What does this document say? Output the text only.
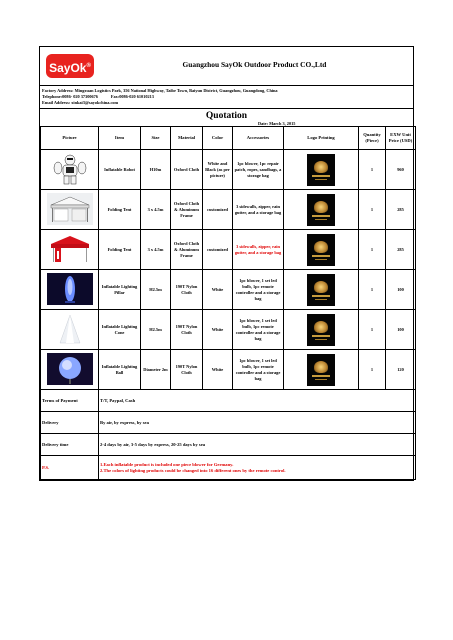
SayOk®	Guangzhou SayOk Outdoor Product CO.,Ltd
Factory Address: Mingxuan Logistics Park, 356 National Highway, Taibe Town, Baiyun District, Guangzhou, Guangdong, China
Telephone:0086- 020 37300676	Fax:0086-020 61010213
Email Address: xinkai3@sayokchina.com
Quotation
Date: March 3, 2015
Picture	Item	Size	Material	Color	Accessories	Logo Printing	Quantity (Piece)	EXW Unit Price (USD)
	Inflatable Robot	H10m	Oxford Cloth	White and Black (as per picture)	1pc blower, 1pc repair patch, ropes, sandbags, a storage bag		1	960
	Folding Tent	3 x 4.5m	Oxford Cloth & Aluminum Frame	customized	3 sidewalls, zipper, rain gutter, and a storage bag		1	285
	Folding Tent	3 x 4.5m	Oxford Cloth & Aluminum Frame	customized	3 sidewalls, zipper, rain gutter, and a storage bag		1	285
	Inflatable Lighting Pillar	H2.5m	190T Nylon Cloth	White	1pc blower, 1 set led bulb, 1pc remote controller and a storage bag		1	100
	Inflatable Lighting Cone	H2.5m	190T Nylon Cloth	White	1pc blower, 1 set led bulb, 1pc remote controller and a storage bag		1	100
	Inflatable Lighting Ball	Diameter 2m	190T Nylon Cloth	White	1pc blower, 1 set led bulb, 1pc remote controller and a storage bag		1	120
Terms of Payment	T/T, Paypal, Cash							
Delivery	By air, by express, by sea							
Delivery time	2-4 days by air, 3-5 days by express, 20-25 days by sea							
P.S.	1.Each inflatable product is included one piece blower for Germany.
2.The colors of lighting products could be changed into 16 different ones by the remote control.							
